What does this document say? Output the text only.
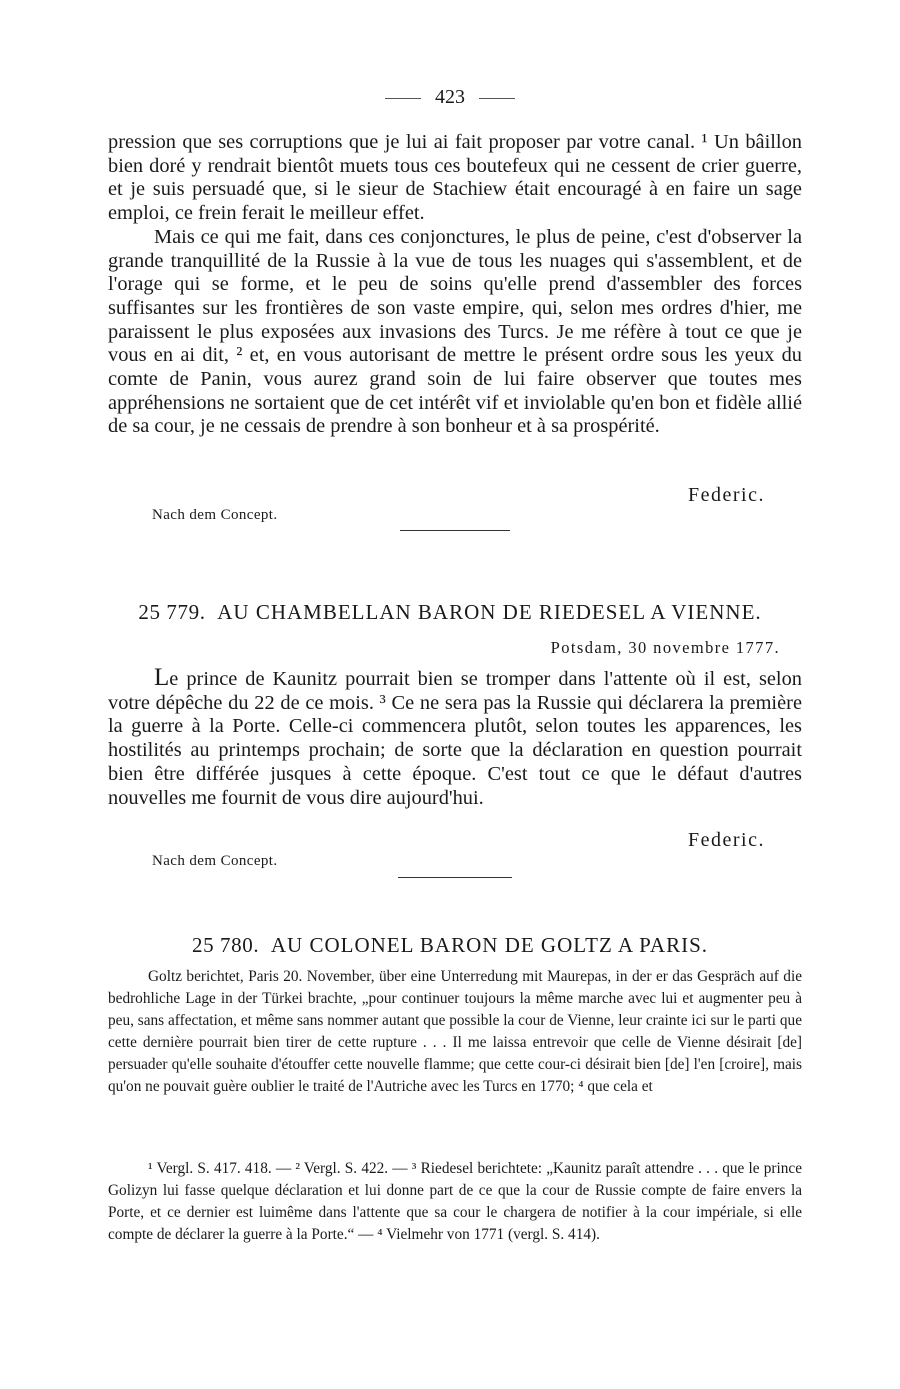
423

pression que ses corruptions que je lui ai fait proposer par votre canal. ¹ Un bâillon bien doré y rendrait bientôt muets tous ces boutefeux qui ne cessent de crier guerre, et je suis persuadé que, si le sieur de Stachiew était encouragé à en faire un sage emploi, ce frein ferait le meilleur effet.

Mais ce qui me fait, dans ces conjonctures, le plus de peine, c'est d'observer la grande tranquillité de la Russie à la vue de tous les nuages qui s'assemblent, et de l'orage qui se forme, et le peu de soins qu'elle prend d'assembler des forces suffisantes sur les frontières de son vaste empire, qui, selon mes ordres d'hier, me paraissent le plus exposées aux invasions des Turcs. Je me réfère à tout ce que je vous en ai dit, ² et, en vous autorisant de mettre le présent ordre sous les yeux du comte de Panin, vous aurez grand soin de lui faire observer que toutes mes appréhensions ne sortaient que de cet intérêt vif et inviolable qu'en bon et fidèle allié de sa cour, je ne cessais de prendre à son bonheur et à sa prospérité.

Federic.
Nach dem Concept.
25 779. AU CHAMBELLAN BARON DE RIEDESEL A VIENNE.
Potsdam, 30 novembre 1777.

Le prince de Kaunitz pourrait bien se tromper dans l'attente où il est, selon votre dépêche du 22 de ce mois. ³ Ce ne sera pas la Russie qui déclarera la première la guerre à la Porte. Celle-ci commencera plutôt, selon toutes les apparences, les hostilités au printemps prochain; de sorte que la déclaration en question pourrait bien être différée jusques à cette époque. C'est tout ce que le défaut d'autres nouvelles me fournit de vous dire aujourd'hui.

Federic.
Nach dem Concept.
25 780. AU COLONEL BARON DE GOLTZ A PARIS.

Goltz berichtet, Paris 20. November, über eine Unterredung mit Maurepas, in der er das Gespräch auf die bedrohliche Lage in der Türkei brachte, „pour continuer toujours la même marche avec lui et augmenter peu à peu, sans affectation, et même sans nommer autant que possible la cour de Vienne, leur crainte ici sur le parti que cette dernière pourrait bien tirer de cette rupture . . . Il me laissa entrevoir que celle de Vienne désirait [de] persuader qu'elle souhaite d'étouffer cette nouvelle flamme; que cette cour-ci désirait bien [de] l'en [croire], mais qu'on ne pouvait guère oublier le traité de l'Autriche avec les Turcs en 1770; ⁴ que cela et

¹ Vergl. S. 417. 418. — ² Vergl. S. 422. — ³ Riedesel berichtete: „Kaunitz paraît attendre . . . que le prince Golizyn lui fasse quelque déclaration et lui donne part de ce que la cour de Russie compte de faire envers la Porte, et ce dernier est luimême dans l'attente que sa cour le chargera de notifier à la cour impériale, si elle compte de déclarer la guerre à la Porte.“ — ⁴ Vielmehr von 1771 (vergl. S. 414).
